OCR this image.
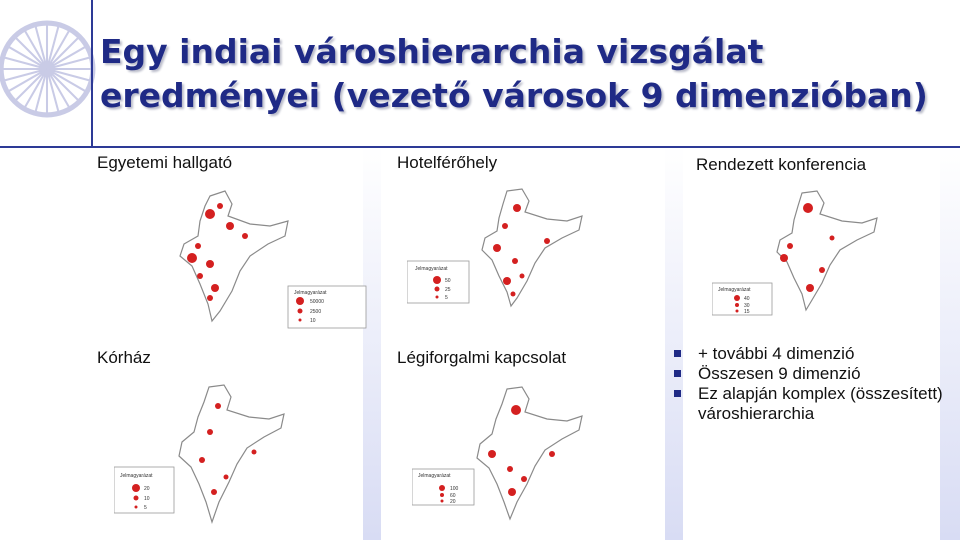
Egy indiai városhierarchia vizsgálat
eredményei (vezető városok 9 dimenzióban)
Egyetemi hallgató
Jelmagyarázat
50000
2500
10
Hotelférőhely
Jelmagyarázat
50
25
5
Rendezett konferencia
Jelmagyarázat
40
30
15
Kórház
Jelmagyarázat
20
10
5
Légiforgalmi kapcsolat
Jelmagyarázat
100
60
20
+ további 4 dimenzió
Összesen 9 dimenzió
Ez alapján komplex (összesített) városhierarchia
